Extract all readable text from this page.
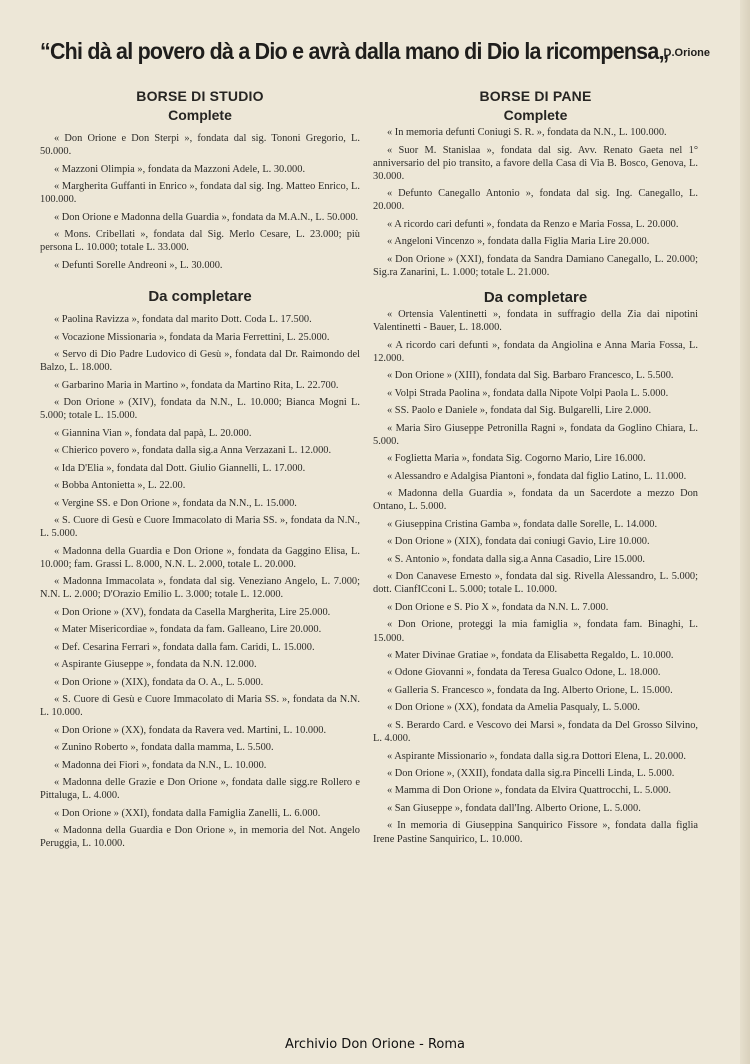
“Chi dà al povero dà a Dio e avrà dalla mano di Dio la ricompensa„
D.Orione
BORSE DI STUDIO
Complete

« Don Orione e Don Sterpi », fondata dal sig. Tononi Gregorio, L. 50.000.

« Mazzoni Olimpia », fondata da Mazzoni Adele, L. 30.000.

« Margherita Guffanti in Enrico », fondata dal sig. Ing. Matteo Enrico, L. 100.000.

« Don Orione e Madonna della Guardia », fondata da M.A.N., L. 50.000.

« Mons. Cribellati », fondata dal Sig. Merlo Cesare, L. 23.000; più persona L. 10.000; totale L. 33.000.

« Defunti Sorelle Andreoni », L. 30.000.

Da completare

« Paolina Ravizza », fondata dal marito Dott. Coda L. 17.500.

« Vocazione Missionaria », fondata da Maria Ferrettini, L. 25.000.

« Servo di Dio Padre Ludovico di Gesù », fondata dal Dr. Raimondo del Balzo, L. 18.000.

« Garbarino Maria in Martino », fondata da Martino Rita, L. 22.700.

« Don Orione » (XIV), fondata da N.N., L. 10.000; Bianca Mogni L. 5.000; totale L. 15.000.

« Giannina Vian », fondata dal papà, L. 20.000.

« Chierico povero », fondata dalla sig.a Anna Verzazani L. 12.000.

« Ida D'Elia », fondata dal Dott. Giulio Giannelli, L. 17.000.

« Bobba Antonietta », L. 22.00.

« Vergine SS. e Don Orione », fondata da N.N., L. 15.000.

« S. Cuore di Gesù e Cuore Immacolato di Maria SS. », fondata da N.N., L. 5.000.

« Madonna della Guardia e Don Orione », fondata da Gaggino Elisa, L. 10.000; fam. Grassi L. 8.000, N.N. L. 2.000, totale L. 20.000.

« Madonna Immacolata », fondata dal sig. Veneziano Angelo, L. 7.000; N.N. L. 2.000; D'Orazio Emilio L. 3.000; totale L. 12.000.

« Don Orione » (XV), fondata da Casella Margherita, Lire 25.000.

« Mater Misericordiae », fondata da fam. Galleano, Lire 20.000.

« Def. Cesarina Ferrari », fondata dalla fam. Caridi, L. 15.000.

« Aspirante Giuseppe », fondata da N.N. 12.000.

« Don Orione » (XIX), fondata da O. A., L. 5.000.

« S. Cuore di Gesù e Cuore Immacolato di Maria SS. », fondata da N.N. L. 10.000.

« Don Orione » (XX), fondata da Ravera ved. Martini, L. 10.000.

« Zunino Roberto », fondata dalla mamma, L. 5.500.

« Madonna dei Fiori », fondata da N.N., L. 10.000.

« Madonna delle Grazie e Don Orione », fondata dalle sigg.re Rollero e Pittaluga, L. 4.000.

« Don Orione » (XXI), fondata dalla Famiglia Zanelli, L. 6.000.

« Madonna della Guardia e Don Orione », in memoria del Not. Angelo Peruggia, L. 10.000.

BORSE DI PANE
Complete

« In memoria defunti Coniugi S. R. », fondata da N.N., L. 100.000.

« Suor M. Stanislaa », fondata dal sig. Avv. Renato Gaeta nel 1° anniversario del pio transito, a favore della Casa di Via B. Bosco, Genova, L. 30.000.

« Defunto Canegallo Antonio », fondata dal sig. Ing. Canegallo, L. 20.000.

« A ricordo cari defunti », fondata da Renzo e Maria Fossa, L. 20.000.

« Angeloni Vincenzo », fondata dalla Figlia Maria Lire 20.000.

« Don Orione » (XXI), fondata da Sandra Damiano Canegallo, L. 20.000; Sig.ra Zanarini, L. 1.000; totale L. 21.000.

Da completare

« Ortensia Valentinetti », fondata in suffragio della Zia dai nipotini Valentinetti - Bauer, L. 18.000.

« A ricordo cari defunti », fondata da Angiolina e Anna Maria Fossa, L. 12.000.

« Don Orione » (XIII), fondata dal Sig. Barbaro Francesco, L. 5.500.

« Volpi Strada Paolina », fondata dalla Nipote Volpi Paola L. 5.000.

« SS. Paolo e Daniele », fondata dal Sig. Bulgarelli, Lire 2.000.

« Maria Siro Giuseppe Petronilla Ragni », fondata da Goglino Chiara, L. 5.000.

« Foglietta Maria », fondata Sig. Cogorno Mario, Lire 16.000.

« Alessandro e Adalgisa Piantoni », fondata dal figlio Latino, L. 11.000.

« Madonna della Guardia », fondata da un Sacerdote a mezzo Don Ontano, L. 5.000.

« Giuseppina Cristina Gamba », fondata dalle Sorelle, L. 14.000.

« Don Orione » (XIX), fondata dai coniugi Gavio, Lire 10.000.

« S. Antonio », fondata dalla sig.a Anna Casadio, Lire 15.000.

« Don Canavese Ernesto », fondata dal sig. Rivella Alessandro, L. 5.000; dott. CianfICconi L. 5.000; totale L. 10.000.

« Don Orione e S. Pio X », fondata da N.N. L. 7.000.

« Don Orione, proteggi la mia famiglia », fondata fam. Binaghi, L. 15.000.

« Mater Divinae Gratiae », fondata da Elisabetta Regaldo, L. 10.000.

« Odone Giovanni », fondata da Teresa Gualco Odone, L. 18.000.

« Galleria S. Francesco », fondata da Ing. Alberto Orione, L. 15.000.

« Don Orione » (XX), fondata da Amelia Pasqualy, L. 5.000.

« S. Berardo Card. e Vescovo dei Marsi », fondata da Del Grosso Silvino, L. 4.000.

« Aspirante Missionario », fondata dalla sig.ra Dottori Elena, L. 20.000.

« Don Orione », (XXII), fondata dalla sig.ra Pincelli Linda, L. 5.000.

« Mamma di Don Orione », fondata da Elvira Quattrocchi, L. 5.000.

« San Giuseppe », fondata dall'Ing. Alberto Orione, L. 5.000.

« In memoria di Giuseppina Sanquirico Fissore », fondata dalla figlia Irene Pastine Sanquirico, L. 10.000.

Archivio Don Orione - Roma
